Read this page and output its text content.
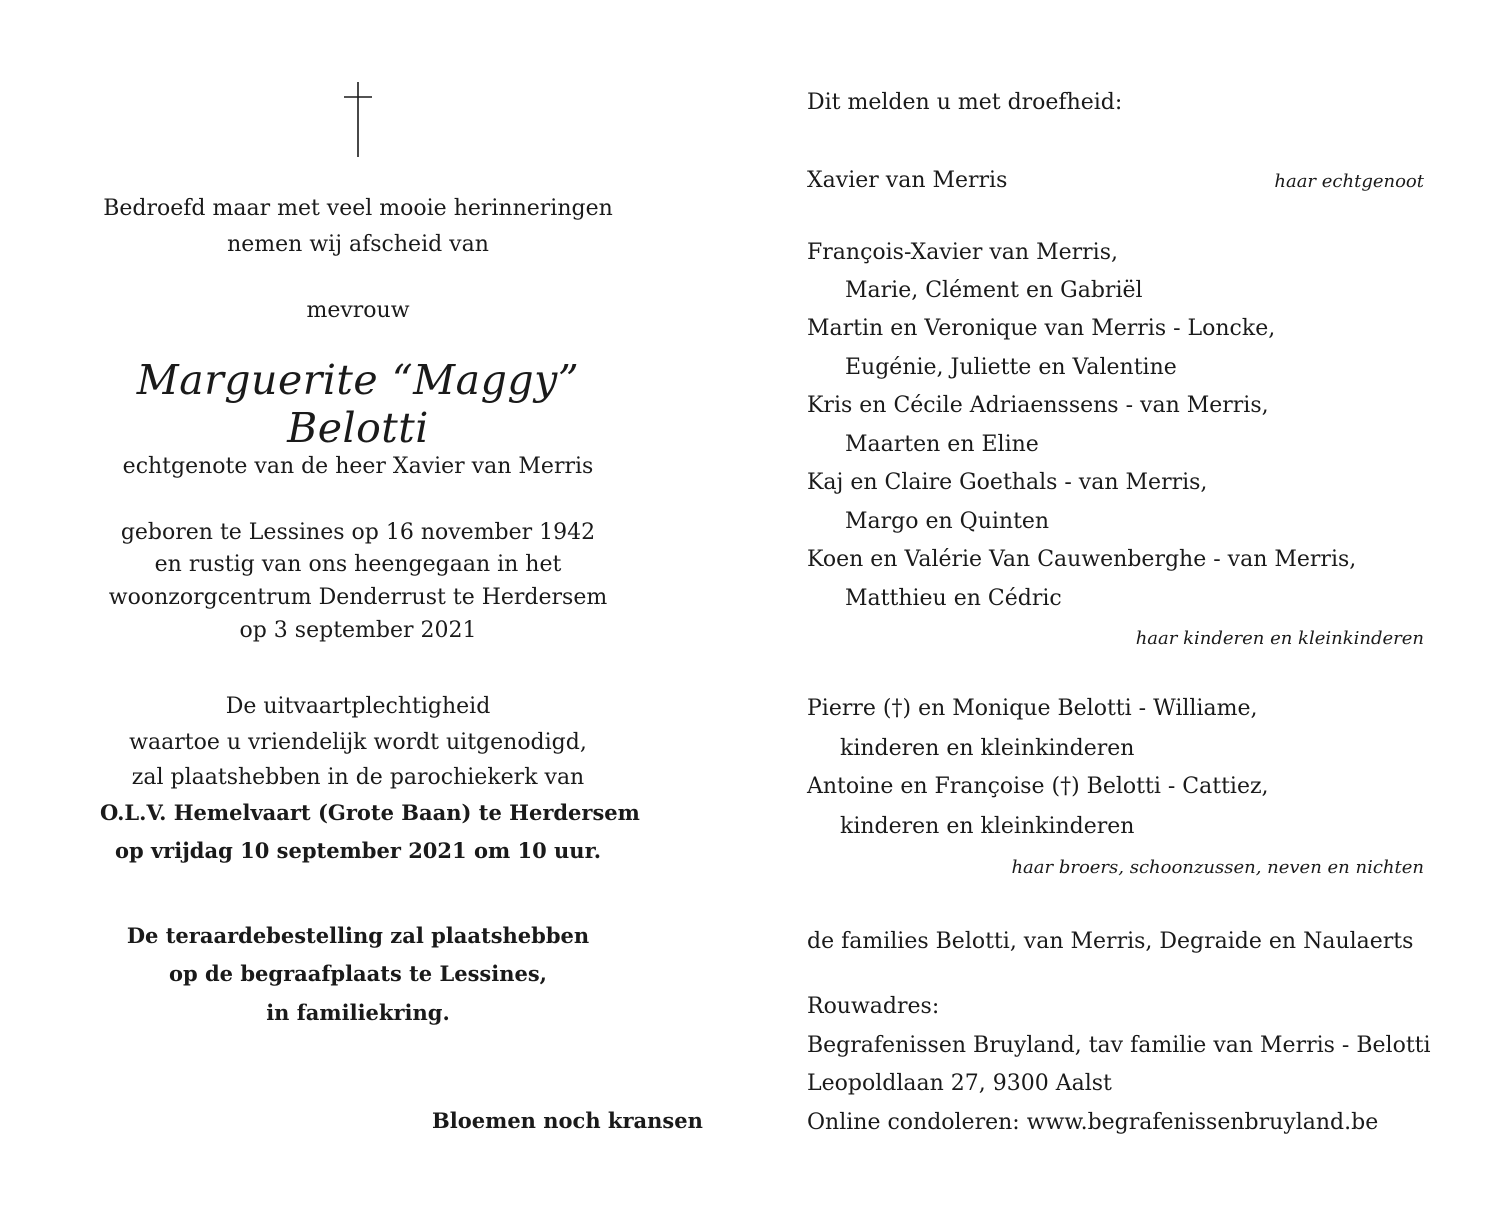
Bedroefd maar met veel mooie herinneringen
nemen wij afscheid van
mevrouw
Marguerite “Maggy” Belotti
echtgenote van de heer Xavier van Merris
geboren te Lessines op 16 november 1942
en rustig van ons heengegaan in het
woonzorgcentrum Denderrust te Herdersem
op 3 september 2021
De uitvaartplechtigheid
waartoe u vriendelijk wordt uitgenodigd,
zal plaatshebben in de parochiekerk van
O.L.V. Hemelvaart (Grote Baan) te Herdersem
op vrijdag 10 september 2021 om 10 uur.
De teraardebestelling zal plaatshebben
op de begraafplaats te Lessines,
in familiekring.
Bloemen noch kransen
Dit melden u met droefheid:
Xavier van Merris	haar echtgenoot
François-Xavier van Merris,
Marie, Clément en Gabriël
Martin en Veronique van Merris - Loncke,
Eugénie, Juliette en Valentine
Kris en Cécile Adriaenssens - van Merris,
Maarten en Eline
Kaj en Claire Goethals - van Merris,
Margo en Quinten
Koen en Valérie Van Cauwenberghe - van Merris,
Matthieu en Cédric
haar kinderen en kleinkinderen
Pierre (†) en Monique Belotti - Williame,
kinderen en kleinkinderen
Antoine en Françoise (†) Belotti - Cattiez,
kinderen en kleinkinderen
haar broers, schoonzussen, neven en nichten
de families Belotti, van Merris, Degraide en Naulaerts
Rouwadres:
Begrafenissen Bruyland, tav familie van Merris - Belotti
Leopoldlaan 27, 9300 Aalst
Online condoleren: www.begrafenissenbruyland.be
